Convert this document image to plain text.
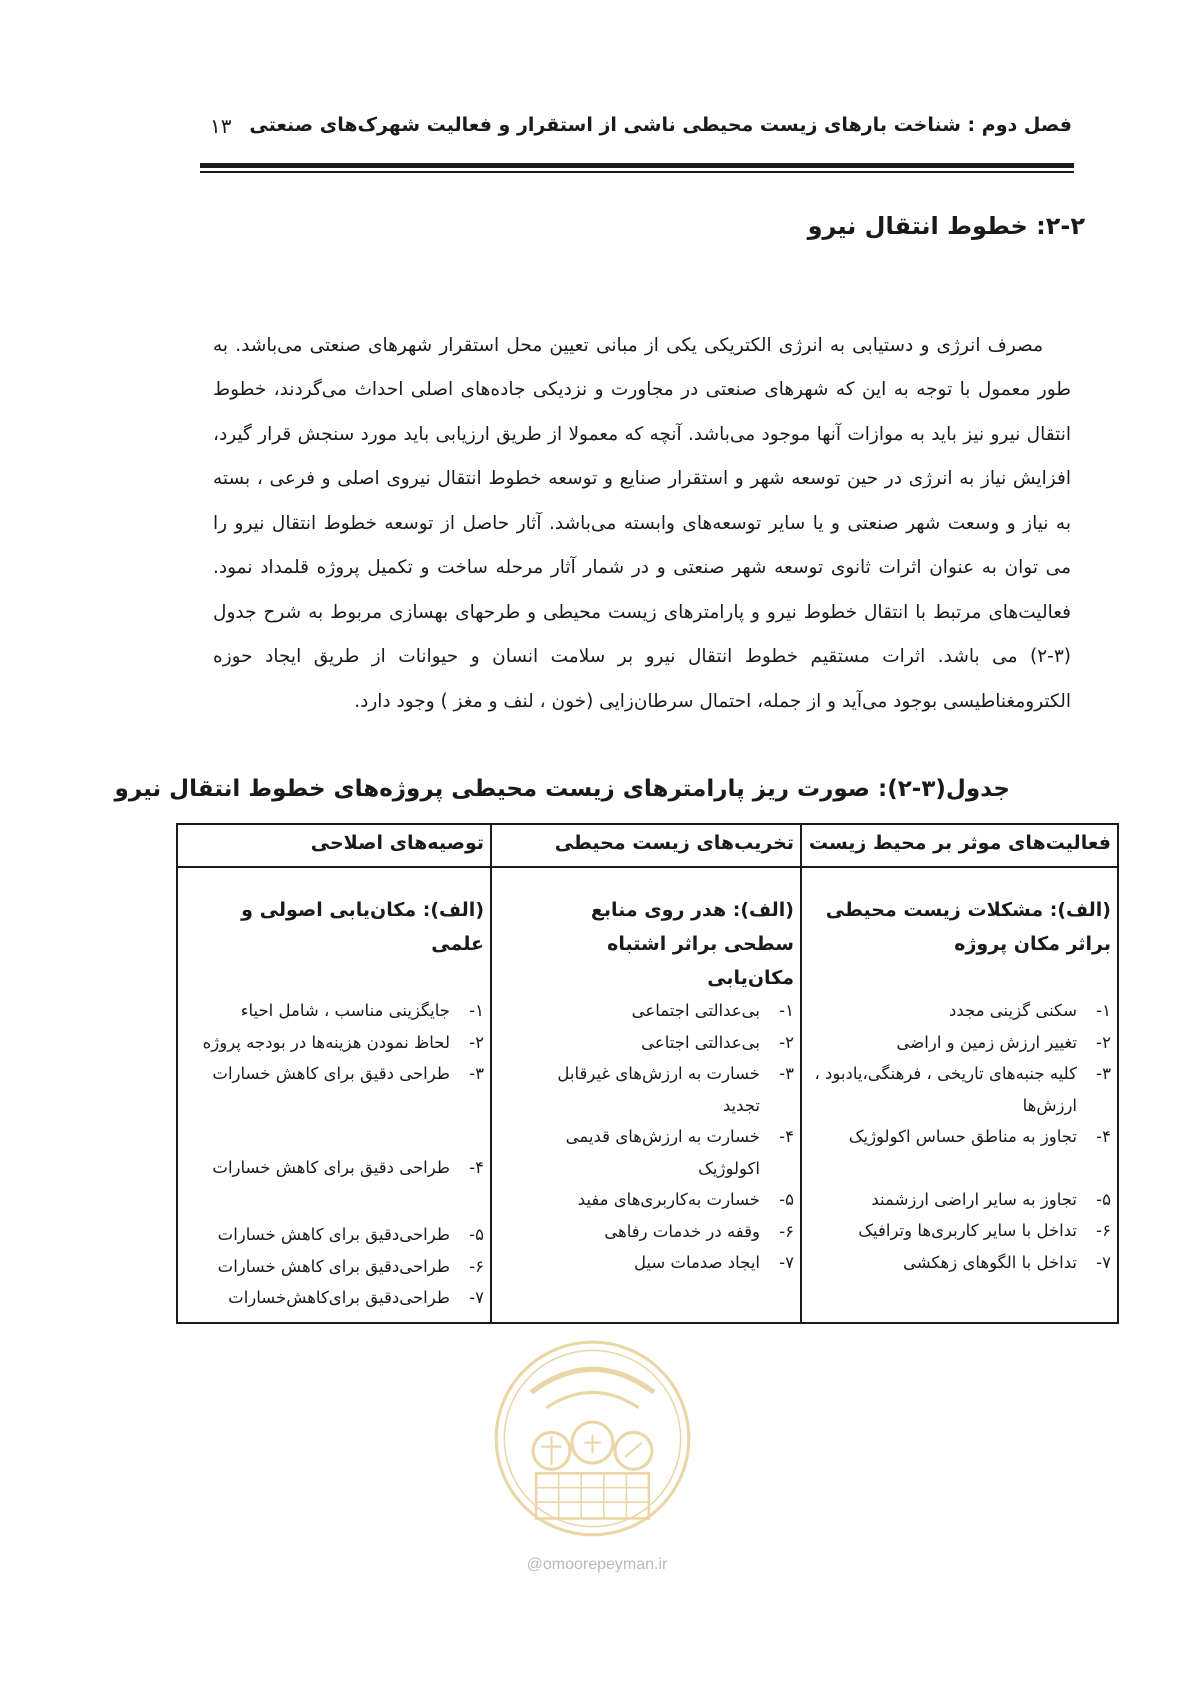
فصل دوم : شناخت بارهای زیست محیطی ناشی از استقرار و فعالیت شهرک‌های صنعتی
۱۳
۲-۲: خطوط انتقال نیرو

مصرف انرژی و دستیابی به انرژی الکتریکی یکی از مبانی تعیین محل استقرار شهرهای صنعتی می‌باشد. به طور معمول با توجه به این که شهرهای صنعتی در مجاورت و نزدیکی جاده‌های اصلی احداث می‌گردند، خطوط انتقال نیرو نیز باید به موازات آنها موجود می‌باشد. آنچه که معمولا از طریق ارزیابی باید مورد سنجش قرار گیرد، افزایش نیاز به انرژی در حین توسعه شهر و استقرار صنایع و توسعه خطوط انتقال نیروی اصلی و فرعی ، بسته به نیاز و وسعت شهر صنعتی و یا سایر توسعه‌های وابسته می‌باشد. آثار حاصل از توسعه خطوط انتقال نیرو را می توان به عنوان اثرات ثانوی توسعه شهر صنعتی و در شمار آثار مرحله ساخت و تکمیل پروژه قلمداد نمود. فعالیت‌های مرتبط با انتقال خطوط نیرو و پارامترهای زیست محیطی و طرحهای بهسازی مربوط به شرح جدول (۳-۲) می باشد. اثرات مستقیم خطوط انتقال نیرو بر سلامت انسان و حیوانات از طریق ایجاد حوزه الکترومغناطیسی بوجود می‌آید و از جمله، احتمال سرطان‌زایی (خون ، لنف و مغز ) وجود دارد.

جدول(۳-۲): صورت ریز پارامترهای زیست محیطی پروژه‌های خطوط انتقال نیرو
فعالیت‌های موثر بر محیط زیست
(الف): مشکلات زیست محیطی براثر مکان پروژه
۱-
سکنی گزینی مجدد
۲-
تغییر ارزش زمین و اراضی
۳-
کلیه جنبه‌های تاریخی ، فرهنگی،یادبود ، ارزش‌ها
۴-
تجاوز به مناطق حساس اکولوژیک
۵-
تجاوز به سایر اراضی ارزشمند
۶-
تداخل با سایر کاربری‌ها وترافیک
۷-
تداخل با الگوهای زهکشی
تخریب‌های زیست محیطی
(الف): هدر روی منابع سطحی براثر اشتباه مکان‌یابی
۱-
بی‌عدالتی اجتماعی
۲-
بی‌عدالتی اجتاعی
۳-
خسارت به ارزش‌های غیرقابل تجدید
۴-
خسارت به ارزش‌های قدیمی اکولوژیک
۵-
خسارت به‌کاربری‌های مفید
۶-
وقفه در خدمات رفاهی
۷-
ایجاد صدمات سیل
توصیه‌های اصلاحی
(الف): مکان‌یابی اصولی و علمی
۱-
جایگزینی مناسب ، شامل احیاء
۲-
لحاظ نمودن هزینه‌ها در بودجه پروژه
۳-
طراحی دقیق برای کاهش خسارات
۴-
طراحی دقیق برای کاهش خسارات
۵-
طراحی‌دقیق برای کاهش خسارات
۶-
طراحی‌دقیق برای کاهش خسارات
۷-
طراحی‌دقیق برای‌کاهش‌خسارات
@omoorepeyman.ir
